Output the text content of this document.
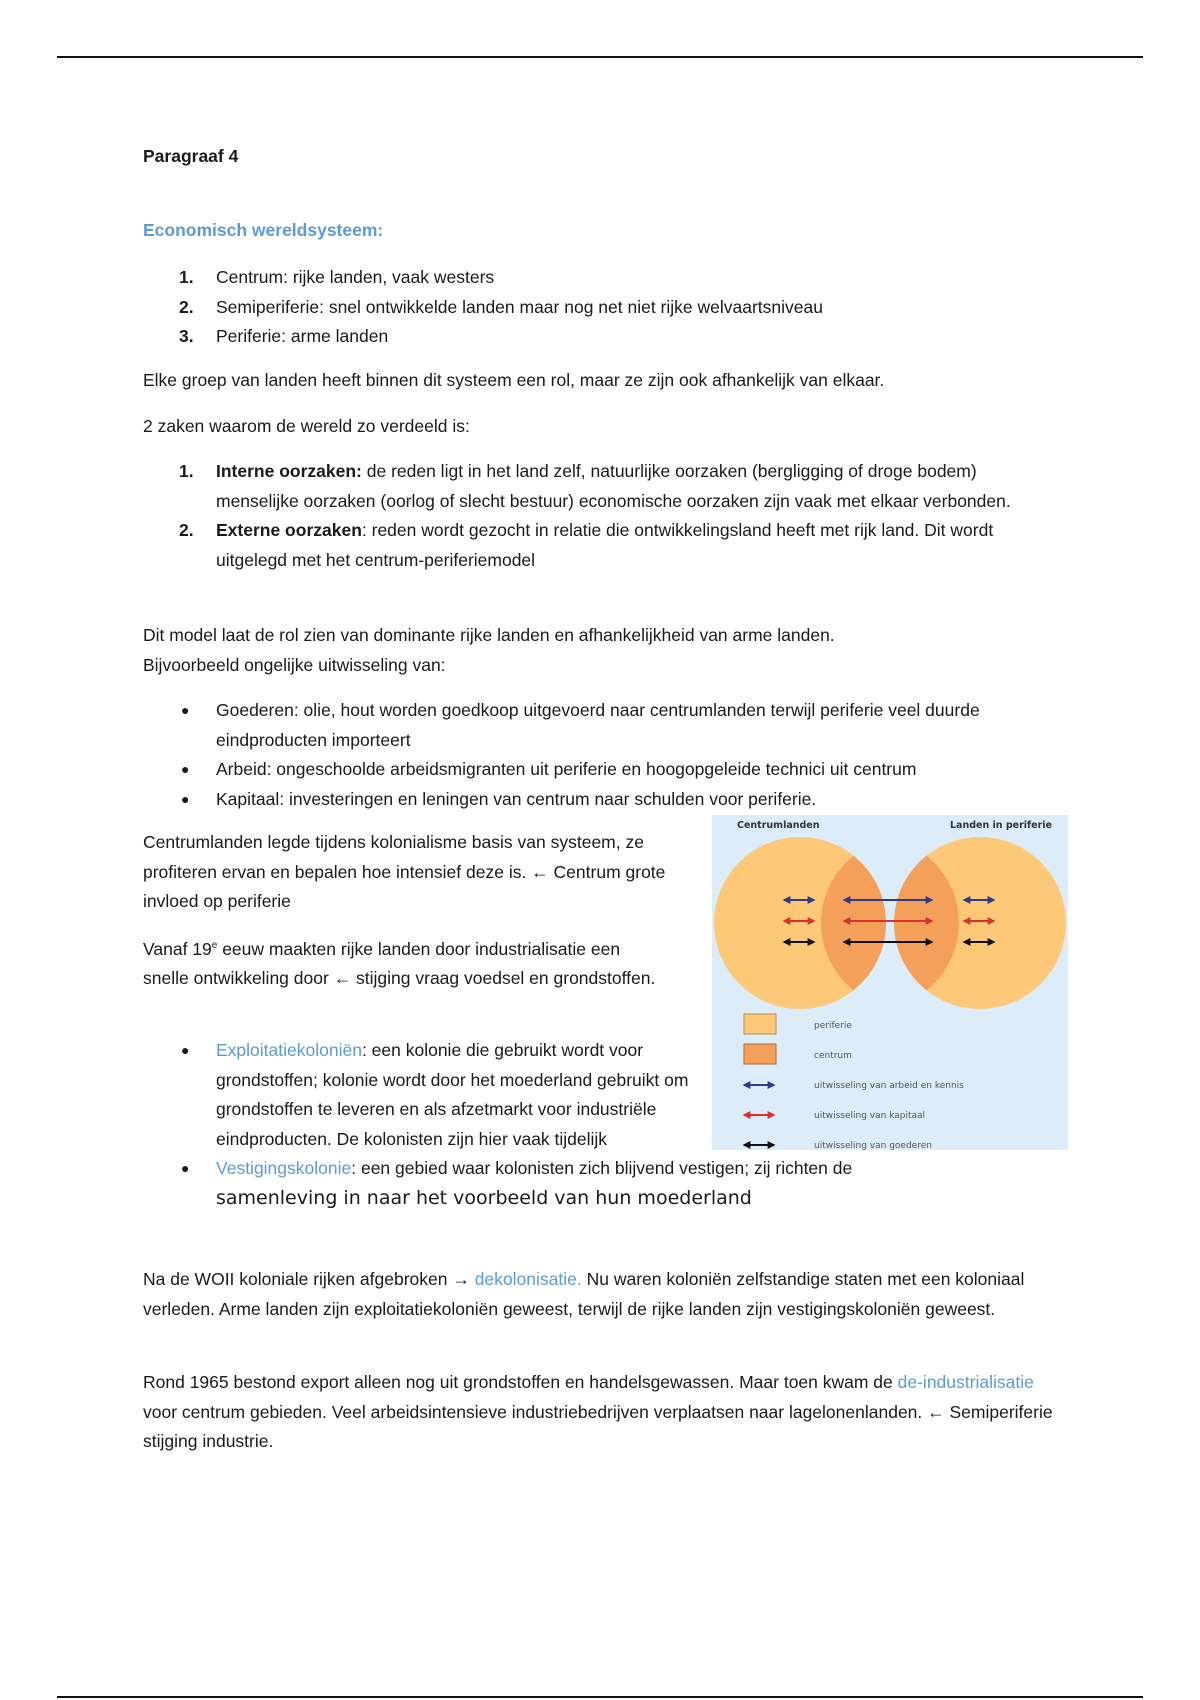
Paragraaf 4
Economisch wereldsysteem:
1. Centrum: rijke landen, vaak westers
2. Semiperiferie: snel ontwikkelde landen maar nog net niet rijke welvaartsniveau
3. Periferie: arme landen
Elke groep van landen heeft binnen dit systeem een rol, maar ze zijn ook afhankelijk van elkaar.
2 zaken waarom de wereld zo verdeeld is:
1. Interne oorzaken: de reden ligt in het land zelf, natuurlijke oorzaken (bergligging of droge bodem) menselijke oorzaken (oorlog of slecht bestuur) economische oorzaken zijn vaak met elkaar verbonden.
2. Externe oorzaken: reden wordt gezocht in relatie die ontwikkelingsland heeft met rijk land. Dit wordt uitgelegd met het centrum-periferiemodel
Dit model laat de rol zien van dominante rijke landen en afhankelijkheid van arme landen.
Bijvoorbeeld ongelijke uitwisseling van:
● Goederen: olie, hout worden goedkoop uitgevoerd naar centrumlanden terwijl periferie veel duurde eindproducten importeert
● Arbeid: ongeschoolde arbeidsmigranten uit periferie en hoogopgeleide technici uit centrum
● Kapitaal: investeringen en leningen van centrum naar schulden voor periferie.
Centrumlanden legde tijdens kolonialisme basis van systeem, ze profiteren ervan en bepalen hoe intensief deze is. ← Centrum grote invloed op periferie
Vanaf 19e eeuw maakten rijke landen door industrialisatie een snelle ontwikkeling door ← stijging vraag voedsel en grondstoffen.
● Exploitatiekoloniën: een kolonie die gebruikt wordt voor grondstoffen; kolonie wordt door het moederland gebruikt om grondstoffen te leveren en als afzetmarkt voor industriële eindproducten. De kolonisten zijn hier vaak tijdelijk
● Vestigingskolonie: een gebied waar kolonisten zich blijvend vestigen; zij richten de
samenleving in naar het voorbeeld van hun moederland
Na de WOII koloniale rijken afgebroken → dekolonisatie. Nu waren koloniën zelfstandige staten met een koloniaal verleden. Arme landen zijn exploitatiekoloniën geweest, terwijl de rijke landen zijn vestigingskoloniën geweest.
Rond 1965 bestond export alleen nog uit grondstoffen en handelsgewassen. Maar toen kwam de de-industrialisatie voor centrum gebieden. Veel arbeidsintensieve industriebedrijven verplaatsen naar lagelonenlanden. ← Semiperiferie stijging industrie.
Centrumlanden	Landen in periferie
periferie
centrum
uitwisseling van arbeid en kennis
uitwisseling van kapitaal
uitwisseling van goederen
